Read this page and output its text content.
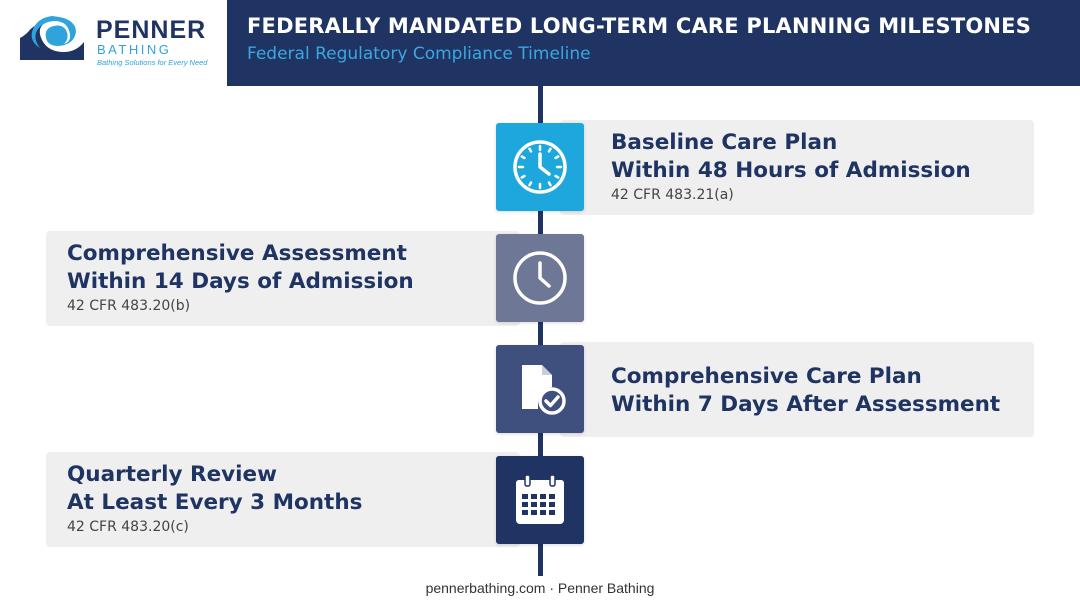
PENNER
BATHING
Bathing Solutions for Every Need
FEDERALLY MANDATED LONG-TERM CARE PLANNING MILESTONES
Federal Regulatory Compliance Timeline
Baseline Care Plan
Within 48 Hours of Admission
42 CFR 483.21(a)
Comprehensive Assessment
Within 14 Days of Admission
42 CFR 483.20(b)
Comprehensive Care Plan
Within 7 Days After Assessment
Quarterly Review
At Least Every 3 Months
42 CFR 483.20(c)
pennerbathing.com · Penner Bathing
